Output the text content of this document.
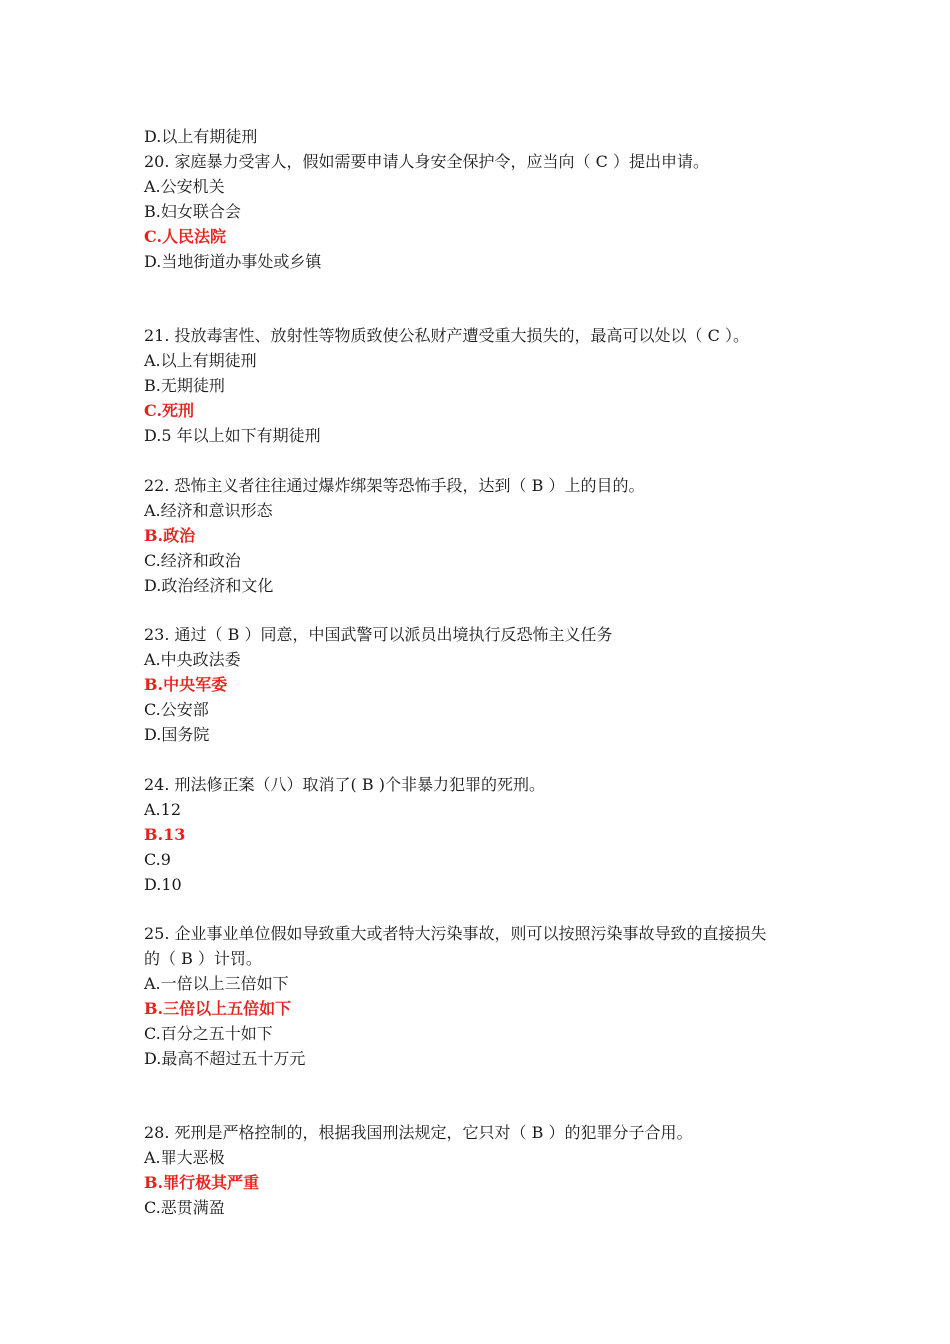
D.以上有期徒刑
20. 家庭暴力受害人，假如需要申请人身安全保护令，应当向（ C ）提出申请。
A.公安机关
B.妇女联合会
C.人民法院
D.当地街道办事处或乡镇
21. 投放毒害性、放射性等物质致使公私财产遭受重大损失的，最高可以处以（ C ）。
A.以上有期徒刑
B.无期徒刑
C.死刑
D.5 年以上如下有期徒刑
22. 恐怖主义者往往通过爆炸绑架等恐怖手段，达到（ B ）上的目的。
A.经济和意识形态
B.政治
C.经济和政治
D.政治经济和文化
23. 通过（ B ）同意，中国武警可以派员出境执行反恐怖主义任务
A.中央政法委
B.中央军委
C.公安部
D.国务院
24. 刑法修正案（八）取消了( B )个非暴力犯罪的死刑。
A.12
B.13
C.9
D.10
25. 企业事业单位假如导致重大或者特大污染事故，则可以按照污染事故导致的直接损失
的（ B ）计罚。
A.一倍以上三倍如下
B.三倍以上五倍如下
C.百分之五十如下
D.最高不超过五十万元
28. 死刑是严格控制的，根据我国刑法规定，它只对（ B ）的犯罪分子合用。
A.罪大恶极
B.罪行极其严重
C.恶贯满盈
